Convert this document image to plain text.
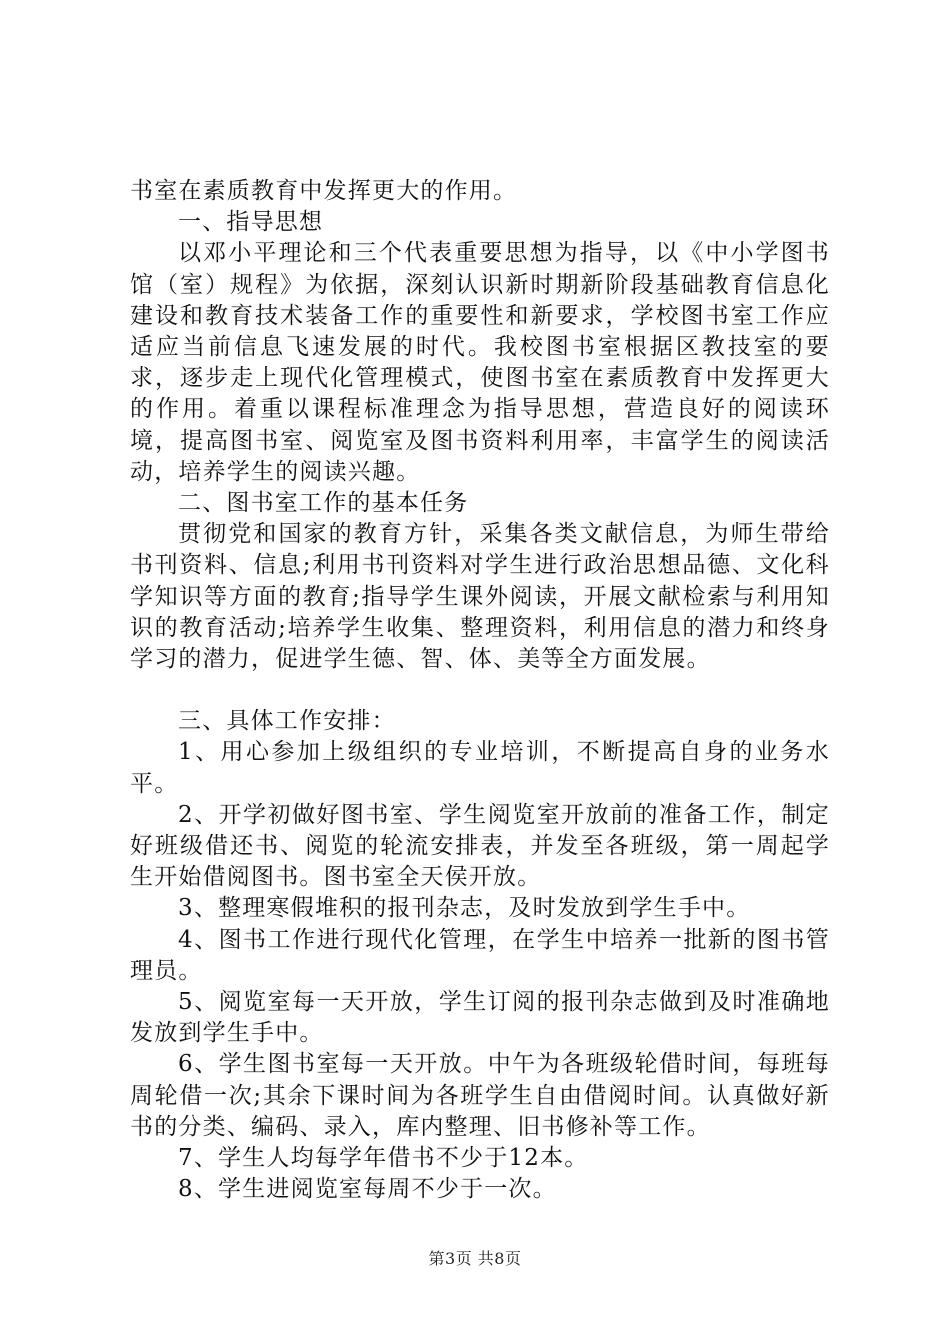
书室在素质教育中发挥更大的作用。

一、指导思想

以邓小平理论和三个代表重要思想为指导，以《中小学图书馆（室）规程》为依据，深刻认识新时期新阶段基础教育信息化建设和教育技术装备工作的重要性和新要求，学校图书室工作应适应当前信息飞速发展的时代。我校图书室根据区教技室的要求，逐步走上现代化管理模式，使图书室在素质教育中发挥更大的作用。着重以课程标准理念为指导思想，营造良好的阅读环境，提高图书室、阅览室及图书资料利用率，丰富学生的阅读活动，培养学生的阅读兴趣。

二、图书室工作的基本任务

贯彻党和国家的教育方针，采集各类文献信息，为师生带给书刊资料、信息;利用书刊资料对学生进行政治思想品德、文化科学知识等方面的教育;指导学生课外阅读，开展文献检索与利用知识的教育活动;培养学生收集、整理资料，利用信息的潜力和终身学习的潜力，促进学生德、智、体、美等全方面发展。

三、具体工作安排：

1、用心参加上级组织的专业培训，不断提高自身的业务水平。

2、开学初做好图书室、学生阅览室开放前的准备工作，制定好班级借还书、阅览的轮流安排表，并发至各班级，第一周起学生开始借阅图书。图书室全天侯开放。

3、整理寒假堆积的报刊杂志，及时发放到学生手中。

4、图书工作进行现代化管理，在学生中培养一批新的图书管理员。

5、阅览室每一天开放，学生订阅的报刊杂志做到及时准确地发放到学生手中。

6、学生图书室每一天开放。中午为各班级轮借时间，每班每周轮借一次;其余下课时间为各班学生自由借阅时间。认真做好新书的分类、编码、录入，库内整理、旧书修补等工作。

7、学生人均每学年借书不少于12本。

8、学生进阅览室每周不少于一次。

第3页 共8页
